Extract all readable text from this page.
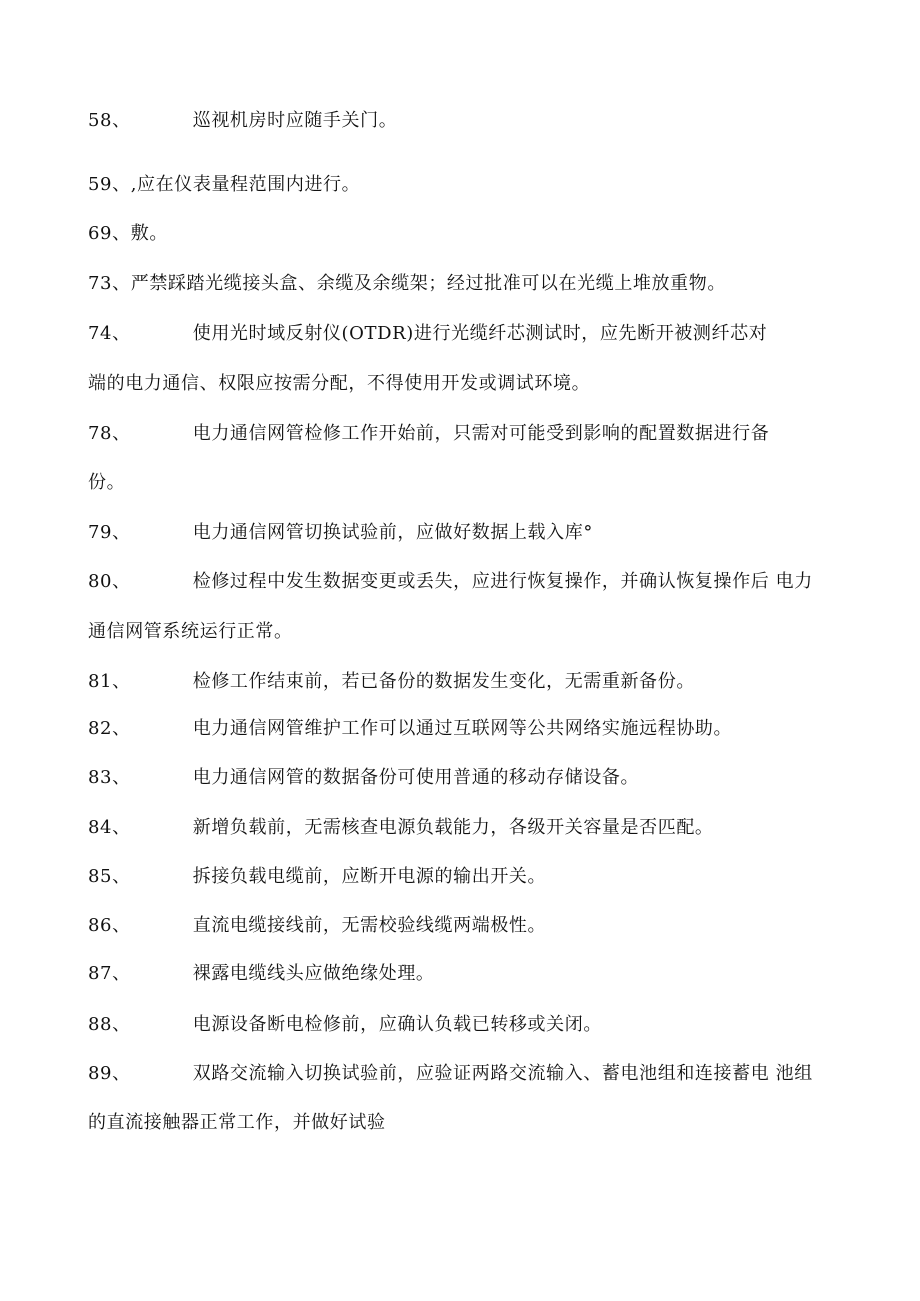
58、	巡视机房时应随手关门。
59、,应在仪表量程范围内进行。
69、敷。
73、严禁踩踏光缆接头盒、余缆及余缆架；经过批准可以在光缆上堆放重物。
74、	使用光时域反射仪(OTDR)进行光缆纤芯测试时，应先断开被测纤芯对
端的电力通信、权限应按需分配，不得使用开发或调试环境。
78、	电力通信网管检修工作开始前，只需对可能受到影响的配置数据进行备
份。
79、	电力通信网管切换试验前，应做好数据上载入库°
80、	检修过程中发生数据变更或丢失，应进行恢复操作，并确认恢复操作后 电力
通信网管系统运行正常。
81、	检修工作结束前，若已备份的数据发生变化，无需重新备份。
82、	电力通信网管维护工作可以通过互联网等公共网络实施远程协助。
83、	电力通信网管的数据备份可使用普通的移动存储设备。
84、	新增负载前，无需核查电源负载能力，各级开关容量是否匹配。
85、	拆接负载电缆前，应断开电源的输出开关。
86、	直流电缆接线前，无需校验线缆两端极性。
87、	裸露电缆线头应做绝缘处理。
88、	电源设备断电检修前，应确认负载已转移或关闭。
89、	双路交流输入切换试验前，应验证两路交流输入、蓄电池组和连接蓄电 池组
的直流接触器正常工作，并做好试验
